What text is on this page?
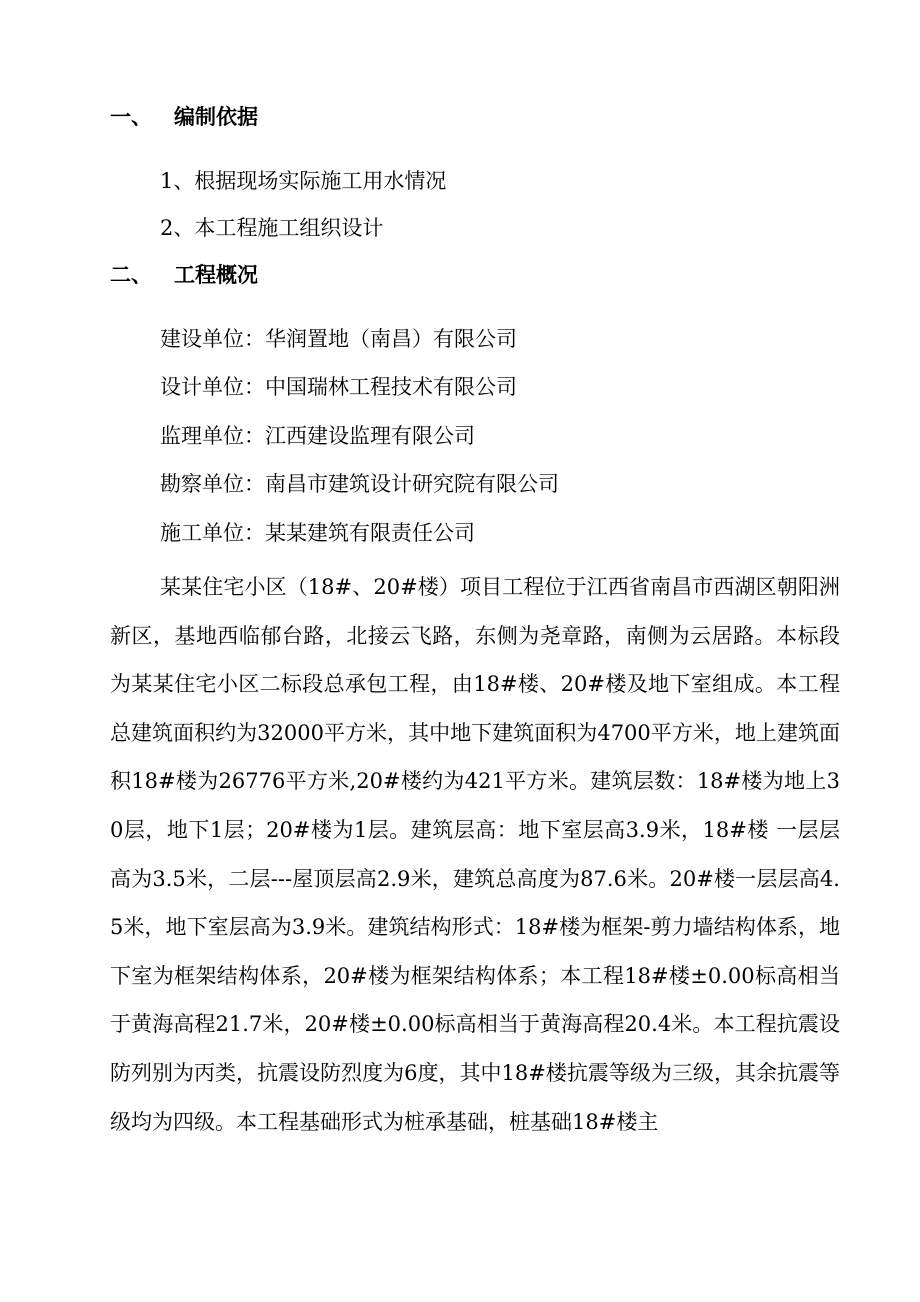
一、 编制依据
1、根据现场实际施工用水情况
2、本工程施工组织设计
二、 工程概况
建设单位：华润置地（南昌）有限公司
设计单位：中国瑞林工程技术有限公司
监理单位：江西建设监理有限公司
勘察单位：南昌市建筑设计研究院有限公司
施工单位：某某建筑有限责任公司
某某住宅小区（18#、20#楼）项目工程位于江西省南昌市西湖区朝阳洲新区，基地西临郁台路，北接云飞路，东侧为尧章路，南侧为云居路。本标段为某某住宅小区二标段总承包工程，由18#楼、20#楼及地下室组成。本工程总建筑面积约为32000平方米，其中地下建筑面积为4700平方米，地上建筑面积18#楼为26776平方米,20#楼约为421平方米。建筑层数：18#楼为地上30层，地下1层；20#楼为1层。建筑层高：地下室层高3.9米，18#楼 一层层高为3.5米，二层---屋顶层高2.9米，建筑总高度为87.6米。20#楼一层层高4.5米，地下室层高为3.9米。建筑结构形式：18#楼为框架-剪力墙结构体系，地下室为框架结构体系，20#楼为框架结构体系；本工程18#楼±0.00标高相当于黄海高程21.7米，20#楼±0.00标高相当于黄海高程20.4米。本工程抗震设防列别为丙类，抗震设防烈度为6度，其中18#楼抗震等级为三级，其余抗震等级均为四级。本工程基础形式为桩承基础，桩基础18#楼主
